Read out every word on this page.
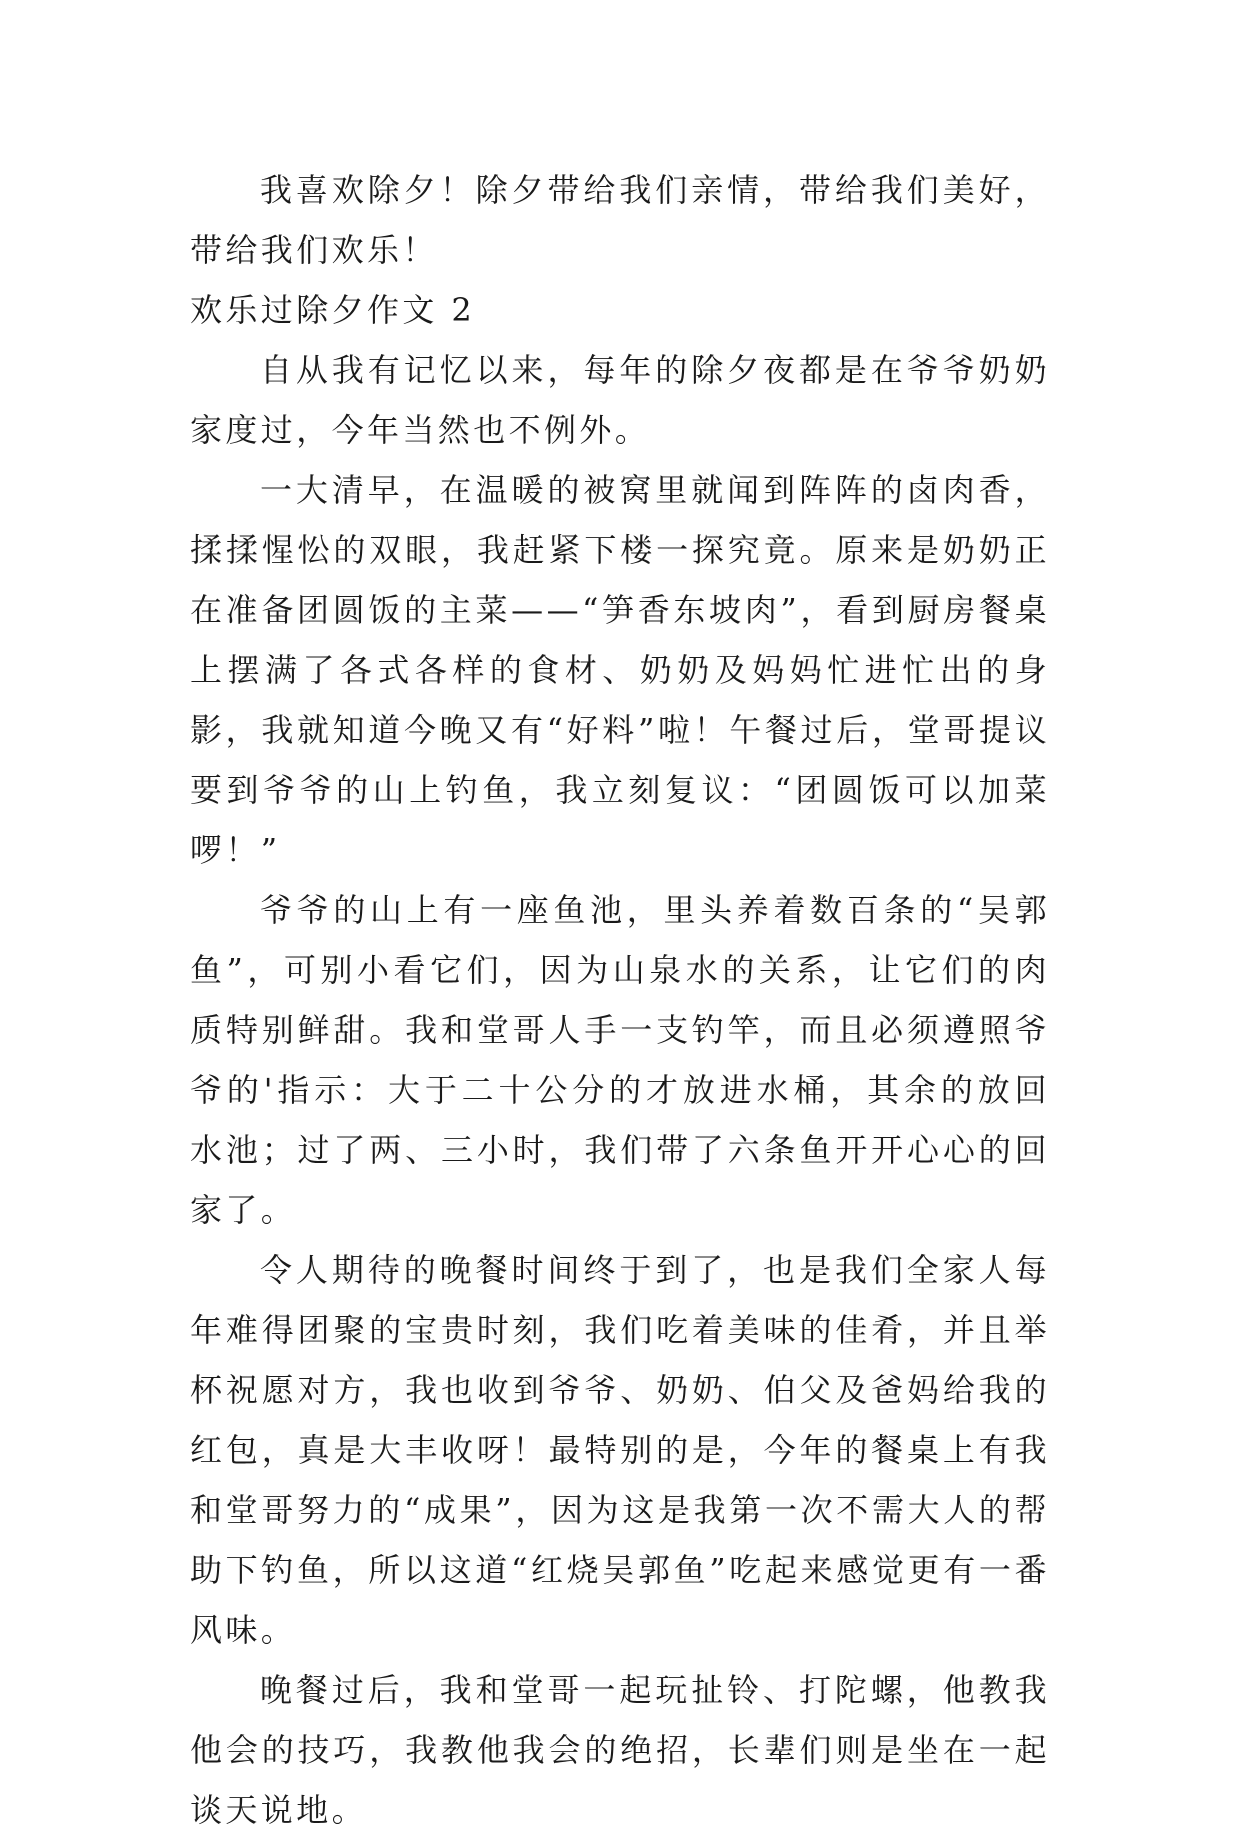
我喜欢除夕！除夕带给我们亲情，带给我们美好，带给我们欢乐！

欢乐过除夕作文 2

自从我有记忆以来，每年的除夕夜都是在爷爷奶奶家度过，今年当然也不例外。

一大清早，在温暖的被窝里就闻到阵阵的卤肉香，揉揉惺忪的双眼，我赶紧下楼一探究竟。原来是奶奶正在准备团圆饭的主菜——“笋香东坡肉”，看到厨房餐桌上摆满了各式各样的食材、奶奶及妈妈忙进忙出的身影，我就知道今晚又有“好料”啦！午餐过后，堂哥提议要到爷爷的山上钓鱼，我立刻复议：“团圆饭可以加菜啰！”

爷爷的山上有一座鱼池，里头养着数百条的“吴郭鱼”，可别小看它们，因为山泉水的关系，让它们的肉质特别鲜甜。我和堂哥人手一支钓竿，而且必须遵照爷爷的'指示：大于二十公分的才放进水桶，其余的放回水池；过了两、三小时，我们带了六条鱼开开心心的回家了。

令人期待的晚餐时间终于到了，也是我们全家人每年难得团聚的宝贵时刻，我们吃着美味的佳肴，并且举杯祝愿对方，我也收到爷爷、奶奶、伯父及爸妈给我的红包，真是大丰收呀！最特别的是，今年的餐桌上有我和堂哥努力的“成果”，因为这是我第一次不需大人的帮助下钓鱼，所以这道“红烧吴郭鱼”吃起来感觉更有一番风味。

晚餐过后，我和堂哥一起玩扯铃、打陀螺，他教我他会的技巧，我教他我会的绝招，长辈们则是坐在一起谈天说地。
